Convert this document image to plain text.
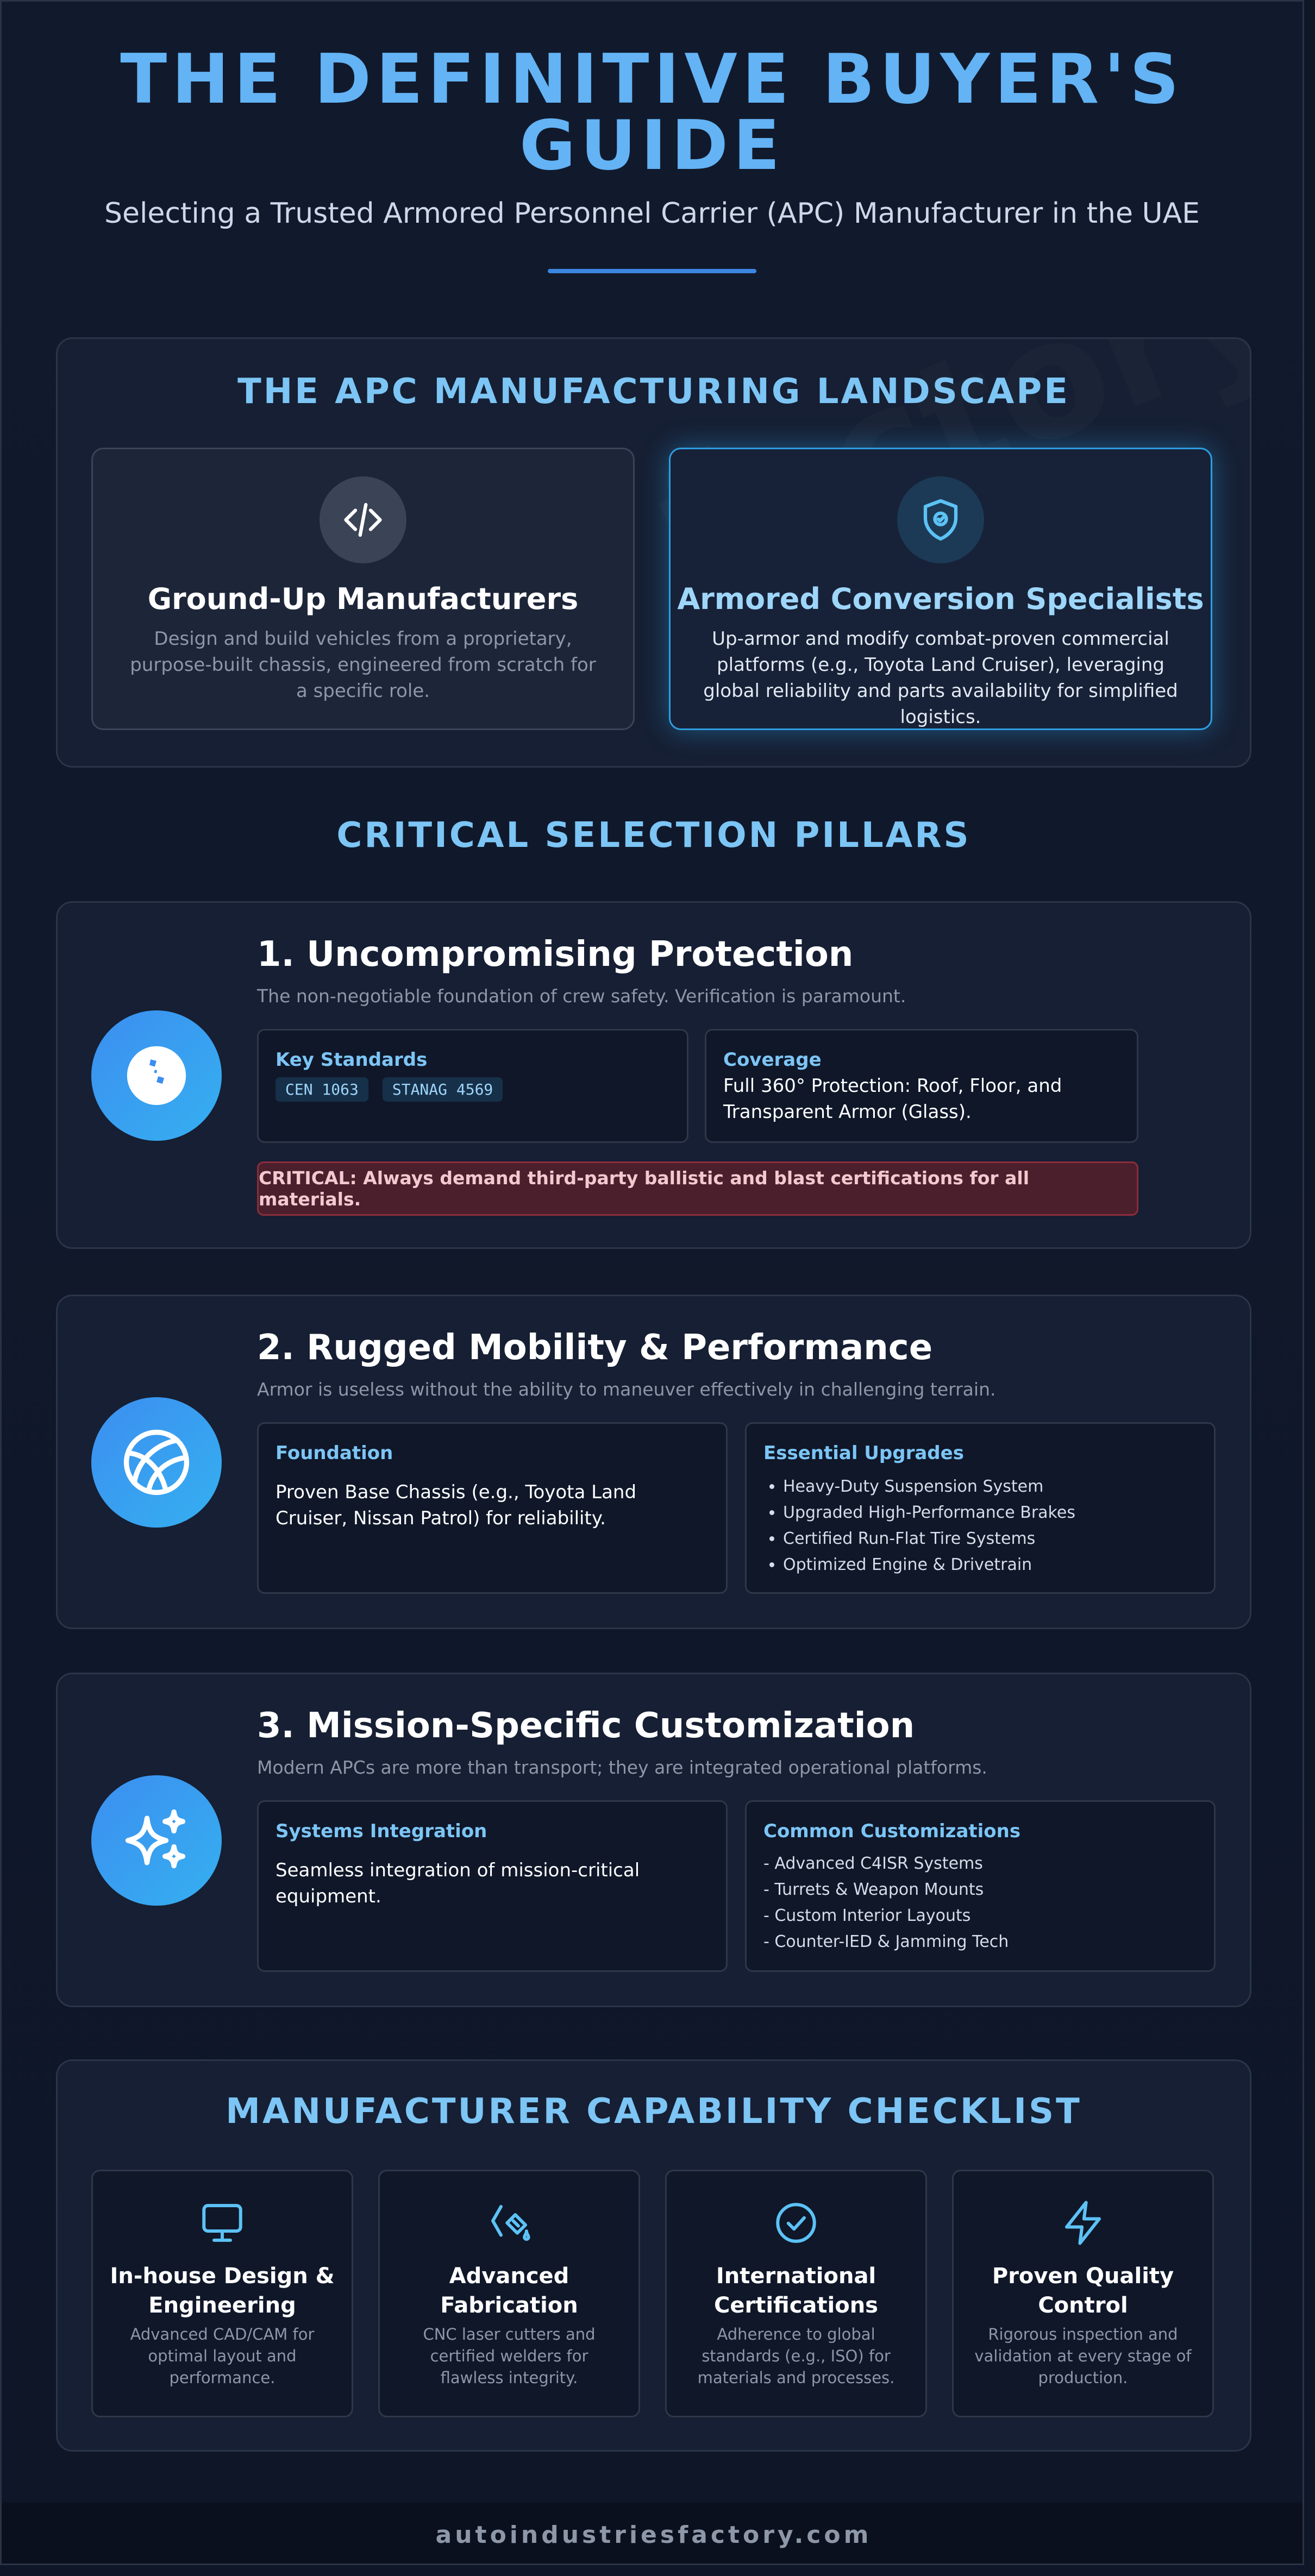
THE DEFINITIVE BUYER'S GUIDE
Selecting a Trusted Armored Personnel Carrier (APC) Manufacturer in the UAE
THE APC MANUFACTURING LANDSCAPE
Ground-Up Manufacturers

Design and build vehicles from a proprietary, purpose-built chassis, engineered from scratch for a specific role.

Armored Conversion Specialists

Up-armor and modify combat-proven commercial platforms (e.g., Toyota Land Cruiser), leveraging global reliability and parts availability for simplified logistics.

CRITICAL SELECTION PILLARS
1. Uncompromising Protection
The non-negotiable foundation of crew safety. Verification is paramount.
Key Standards
CEN 1063	STANAG 4569
Coverage
Full 360° Protection: Roof, Floor, and Transparent Armor (Glass).
CRITICAL: Always demand third-party ballistic and blast certifications for all materials.
2. Rugged Mobility & Performance
Armor is useless without the ability to maneuver effectively in challenging terrain.
Foundation
Proven Base Chassis (e.g., Toyota Land Cruiser, Nissan Patrol) for reliability.
Essential Upgrades
• Heavy-Duty Suspension System
• Upgraded High-Performance Brakes
• Certified Run-Flat Tire Systems
• Optimized Engine & Drivetrain
3. Mission-Specific Customization
Modern APCs are more than transport; they are integrated operational platforms.
Systems Integration
Seamless integration of mission-critical equipment.
Common Customizations
- Advanced C4ISR Systems
- Turrets & Weapon Mounts
- Custom Interior Layouts
- Counter-IED & Jamming Tech
MANUFACTURER CAPABILITY CHECKLIST
In-house Design & Engineering

Advanced CAD/CAM for optimal layout and performance.

Advanced Fabrication

CNC laser cutters and certified welders for flawless integrity.

International Certifications

Adherence to global standards (e.g., ISO) for materials and processes.

Proven Quality Control

Rigorous inspection and validation at every stage of production.

autoindustriesfactory.com
